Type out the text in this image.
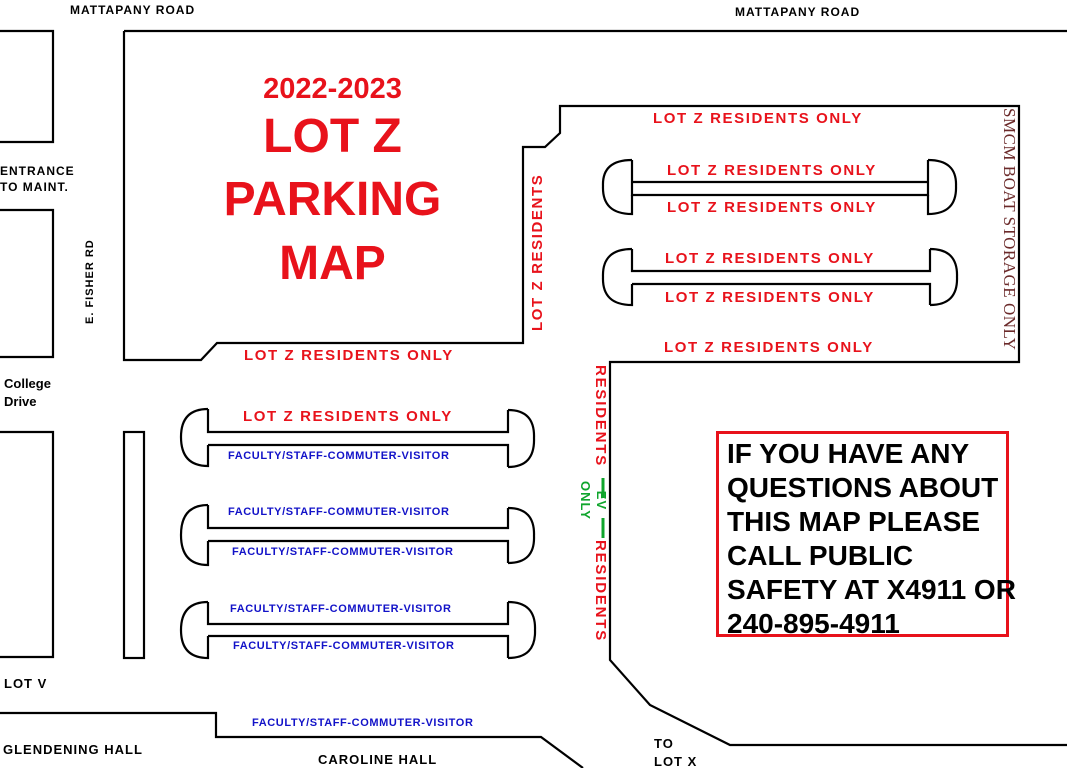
MATTAPANY ROAD	MATTAPANY ROAD
ENTRANCE
TO MAINT.
E. FISHER RD
College
Drive
LOT V
GLENDENING HALL
CAROLINE HALL
TO
LOT X
SMCM BOAT STORAGE ONLY
2022-2023
LOT Z
PARKING
MAP
LOT Z RESIDENTS ONLY
LOT Z RESIDENTS ONLY
LOT Z RESIDENTS ONLY
LOT Z RESIDENTS ONLY
LOT Z RESIDENTS ONLY
LOT Z RESIDENTS ONLY
LOT Z RESIDENTS ONLY
LOT Z RESIDENTS ONLY
LOT Z RESIDENTS
RESIDENTS
RESIDENTS
EV
ONLY
FACULTY/STAFF-COMMUTER-VISITOR
FACULTY/STAFF-COMMUTER-VISITOR
FACULTY/STAFF-COMMUTER-VISITOR
FACULTY/STAFF-COMMUTER-VISITOR
FACULTY/STAFF-COMMUTER-VISITOR
FACULTY/STAFF-COMMUTER-VISITOR
IF YOU HAVE ANY QUESTIONS ABOUT THIS MAP PLEASE CALL PUBLIC SAFETY AT X4911 OR 240-895-4911
